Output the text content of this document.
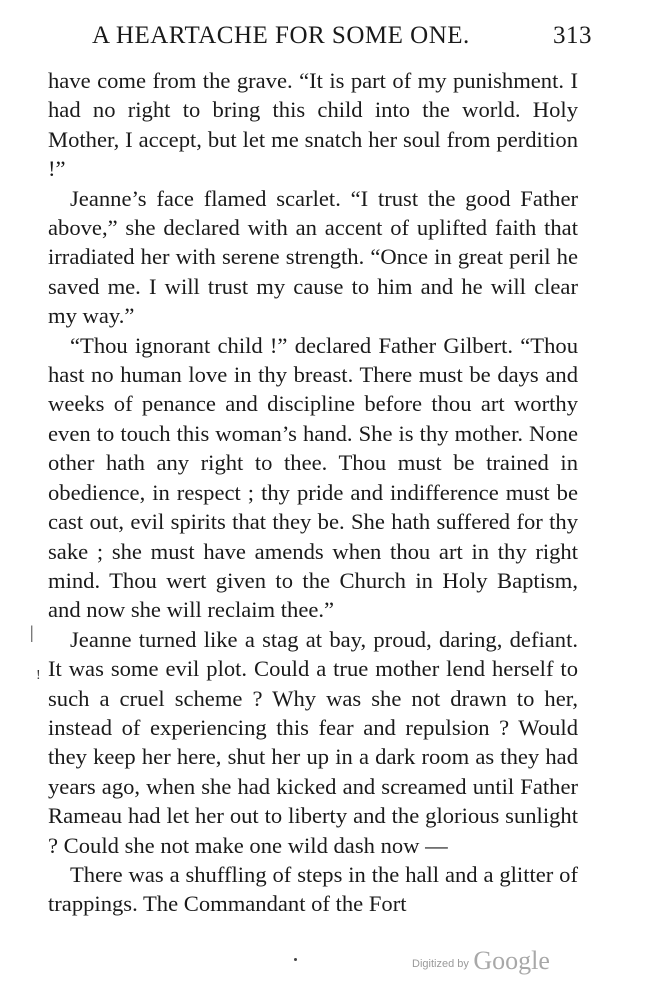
A HEARTACHE FOR SOME ONE.	313

have come from the grave. “It is part of my punishment. I had no right to bring this child into the world. Holy Mother, I accept, but let me snatch her soul from perdition !”

Jeanne’s face flamed scarlet. “I trust the good Father above,” she declared with an accent of uplifted faith that irradiated her with serene strength. “Once in great peril he saved me. I will trust my cause to him and he will clear my way.”

“Thou ignorant child !” declared Father Gilbert. “Thou hast no human love in thy breast. There must be days and weeks of penance and discipline before thou art worthy even to touch this woman’s hand. She is thy mother. None other hath any right to thee. Thou must be trained in obedience, in respect ; thy pride and indifference must be cast out, evil spirits that they be. She hath suffered for thy sake ; she must have amends when thou art in thy right mind. Thou wert given to the Church in Holy Baptism, and now she will reclaim thee.”

Jeanne turned like a stag at bay, proud, daring, defiant. It was some evil plot. Could a true mother lend herself to such a cruel scheme ? Why was she not drawn to her, instead of experiencing this fear and repulsion ? Would they keep her here, shut her up in a dark room as they had years ago, when she had kicked and screamed until Father Rameau had let her out to liberty and the glorious sunlight ? Could she not make one wild dash now —

There was a shuffling of steps in the hall and a glitter of trappings. The Commandant of the Fort

|
!
Digitized by Google
